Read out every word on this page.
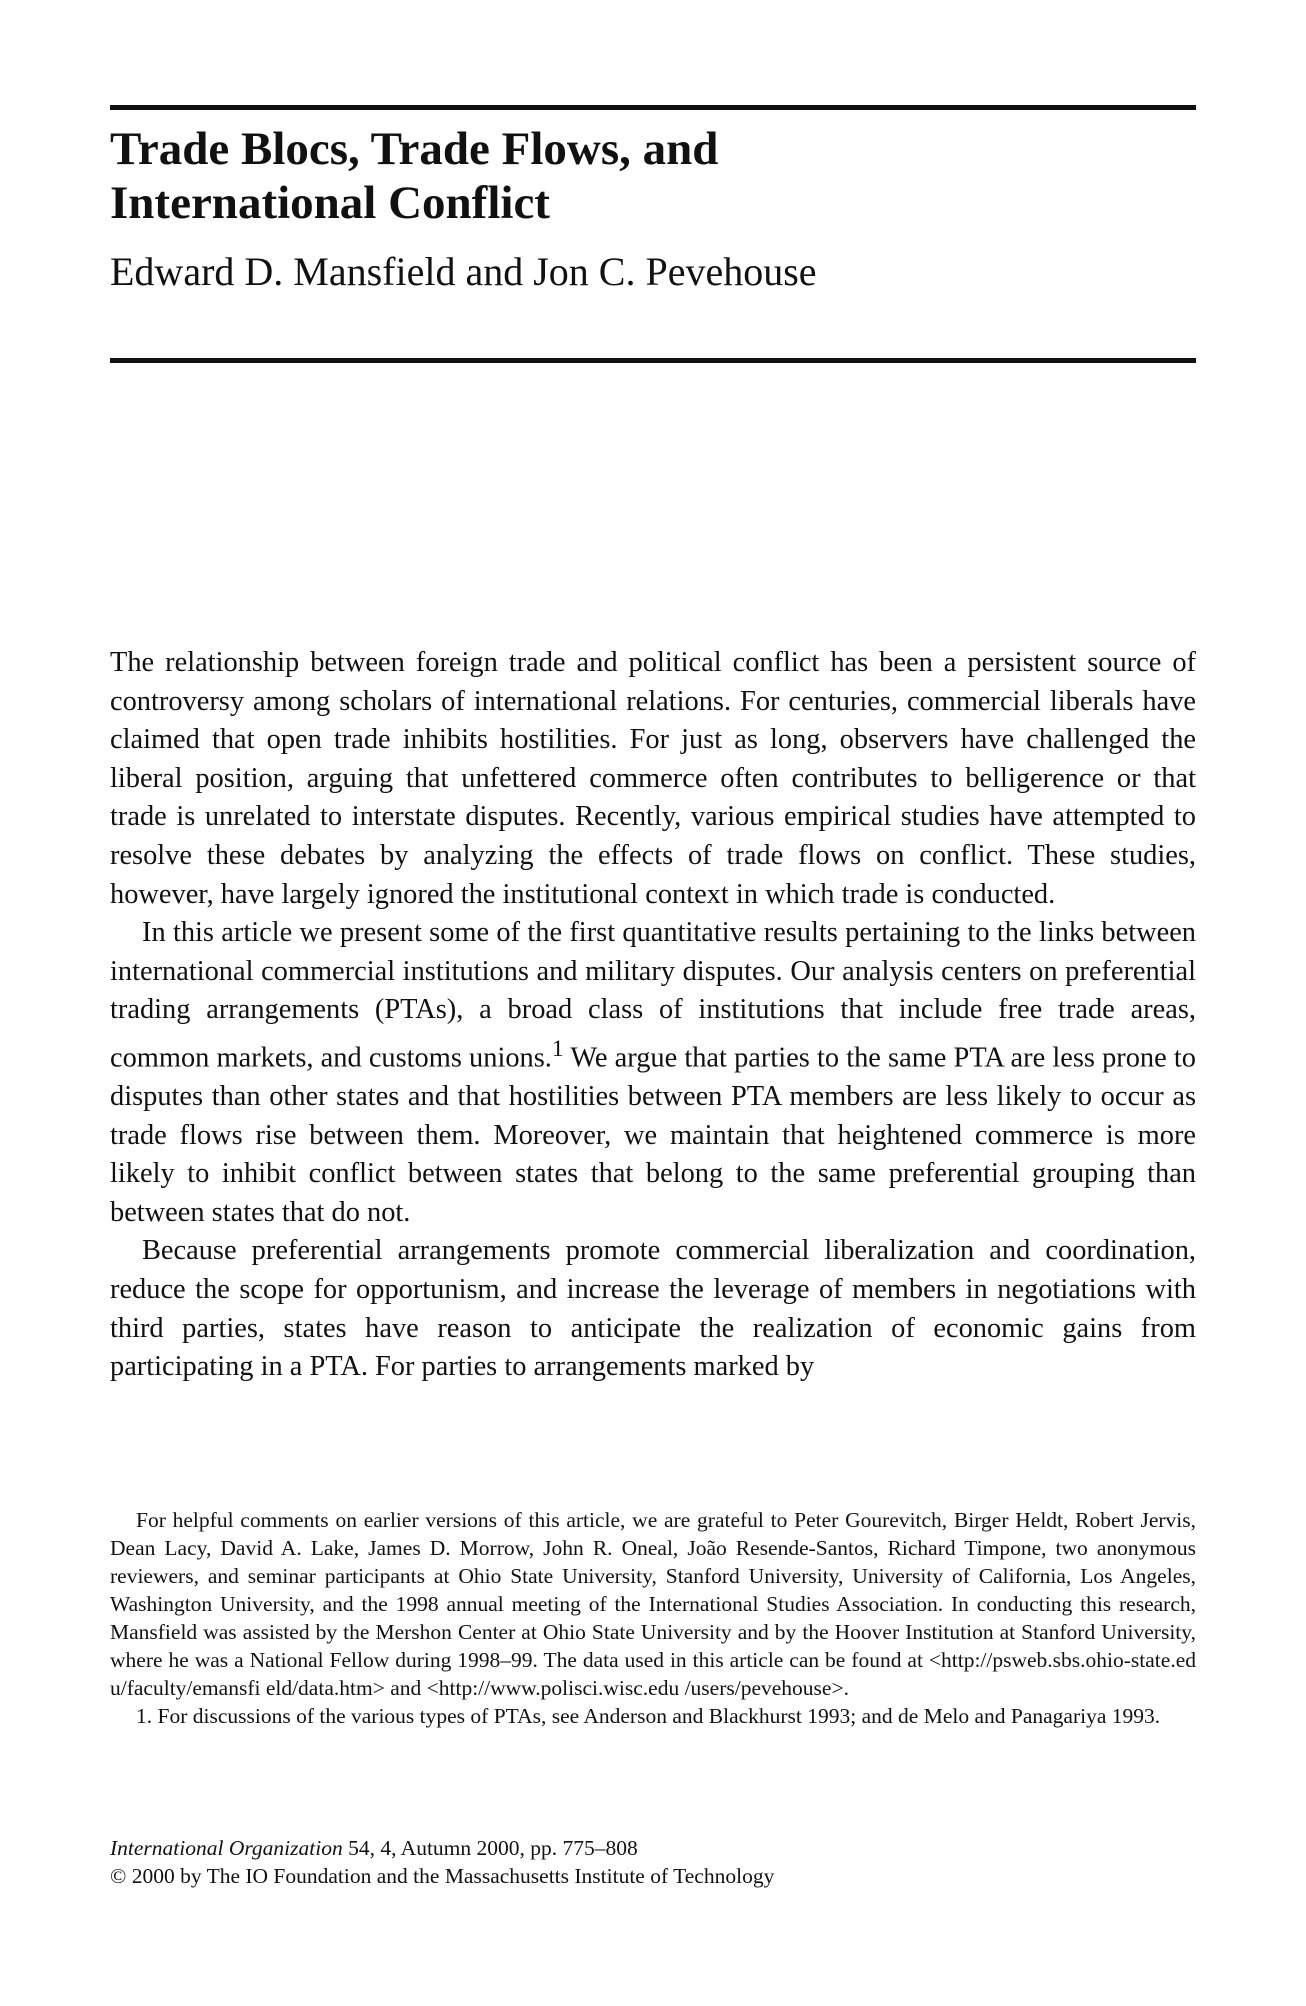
Trade Blocs, Trade Flows, and
International Conflict
Edward D. Mansfield and Jon C. Pevehouse

The relationship between foreign trade and political conflict has been a persistent source of controversy among scholars of international relations. For centuries, commercial liberals have claimed that open trade inhibits hostilities. For just as long, observers have challenged the liberal position, arguing that unfettered commerce often contributes to belligerence or that trade is unrelated to interstate disputes. Recently, various empirical studies have attempted to resolve these debates by analyzing the effects of trade flows on conflict. These studies, however, have largely ignored the institutional context in which trade is conducted.

In this article we present some of the first quantitative results pertaining to the links between international commercial institutions and military disputes. Our analysis centers on preferential trading arrangements (PTAs), a broad class of institutions that include free trade areas, common markets, and customs unions.$^1$ We argue that parties to the same PTA are less prone to disputes than other states and that hostilities between PTA members are less likely to occur as trade flows rise between them. Moreover, we maintain that heightened commerce is more likely to inhibit conflict between states that belong to the same preferential grouping than between states that do not.

Because preferential arrangements promote commercial liberalization and coordination, reduce the scope for opportunism, and increase the leverage of members in negotiations with third parties, states have reason to anticipate the realization of economic gains from participating in a PTA. For parties to arrangements marked by

For helpful comments on earlier versions of this article, we are grateful to Peter Gourevitch, Birger Heldt, Robert Jervis, Dean Lacy, David A. Lake, James D. Morrow, John R. Oneal, João Resende-Santos, Richard Timpone, two anonymous reviewers, and seminar participants at Ohio State University, Stanford University, University of California, Los Angeles, Washington University, and the 1998 annual meeting of the International Studies Association. In conducting this research, Mansfield was assisted by the Mershon Center at Ohio State University and by the Hoover Institution at Stanford University, where he was a National Fellow during 1998–99. The data used in this article can be found at <http://psweb.sbs.ohio-state.edu/faculty/emansfi eld/data.htm> and <http://www.polisci.wisc.edu /users/pevehouse>.

1. For discussions of the various types of PTAs, see Anderson and Blackhurst 1993; and de Melo and Panagariya 1993.

International Organization 54, 4, Autumn 2000, pp. 775–808
© 2000 by The IO Foundation and the Massachusetts Institute of Technology
